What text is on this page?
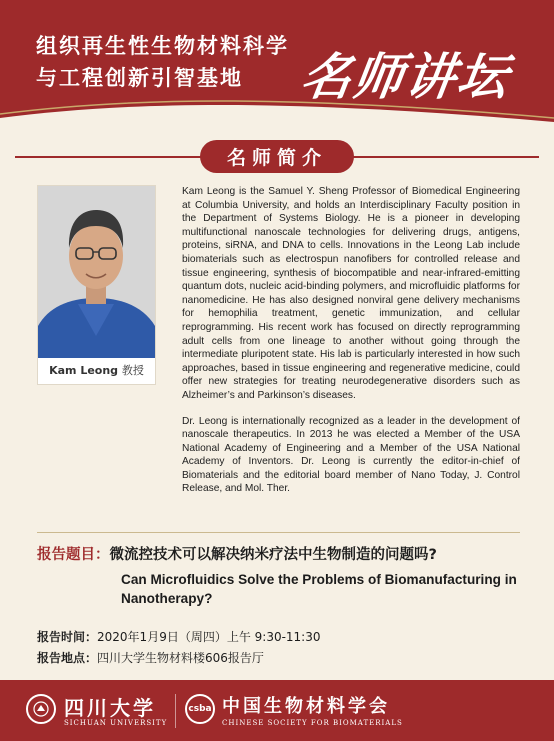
组织再生性生物材料科学
与工程创新引智基地 名师讲坛
名师简介
Kam Leong 教授

Kam Leong is the Samuel Y. Sheng Professor of Biomedical Engineering at Columbia University, and holds an Interdisciplinary Faculty position in the Department of Systems Biology. He is a pioneer in developing multifunctional nanoscale technologies for delivering drugs, antigens, proteins, siRNA, and DNA to cells. Innovations in the Leong Lab include biomaterials such as electrospun nanofibers for controlled release and tissue engineering, synthesis of biocompatible and near-infrared-emitting quantum dots, nucleic acid-binding polymers, and microfluidic platforms for nanomedicine. He has also designed nonviral gene delivery mechanisms for hemophilia treatment, genetic immunization, and cellular reprogramming. His recent work has focused on directly reprogramming adult cells from one lineage to another without going through the intermediate pluripotent state. His lab is particularly interested in how such approaches, based in tissue engineering and regenerative medicine, could offer new strategies for treating neurodegenerative disorders such as Alzheimer’s and Parkinson’s diseases.

Dr. Leong is internationally recognized as a leader in the development of nanoscale therapeutics. In 2013 he was elected a Member of the USA National Academy of Engineering and a Member of the USA National Academy of Inventors. Dr. Leong is currently the editor-in-chief of Biomaterials and the editorial board member of Nano Today, J. Control Release, and Mol. Ther.

报告题目：微流控技术可以解决纳米疗法中生物制造的问题吗?
Can Microfluidics Solve the Problems of Biomanufacturing in Nanotherapy?
报告时间：2020年1月9日（周四）上午 9:30-11:30
报告地点：四川大学生物材料楼606报告厅
四川大学
SICHUAN UNIVERSITY
csba 中国生物材料学会
CHINESE SOCIETY FOR BIOMATERIALS
